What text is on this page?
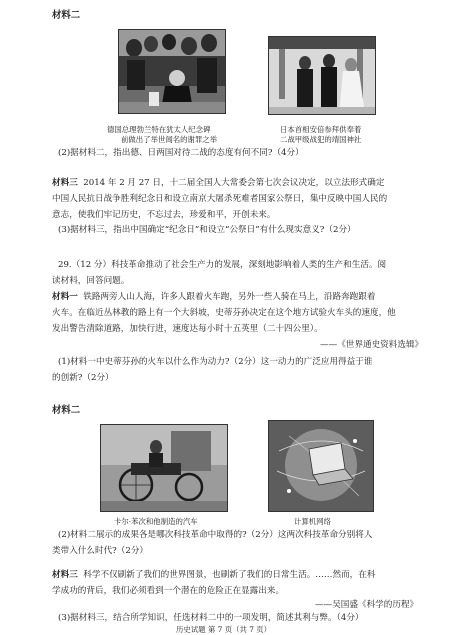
材料二
德国总理勃兰特在犹太人纪念碑
前做出了举世闻名的谢罪之举
日本首相安倍参拜供奉着
二战甲级战犯的靖国神社
(2)据材料二，指出德、日两国对待二战的态度有何不同?（4分）
材料三 2014 年 2 月 27 日，十二届全国人大常委会第七次会议决定，以立法形式确定
中国人民抗日战争胜利纪念日和设立南京大屠杀死难者国家公祭日，集中反映中国人民的
意志，使我们牢记历史，不忘过去，珍爱和平，开创未来。
(3)据材料三，指出中国确定“纪念日”和设立“公祭日”有什么现实意义?（2分）
29.（12 分）科技革命推动了社会生产力的发展，深刻地影响着人类的生产和生活。阅
读材料，回答问题。
材料一 铁路两旁人山人海，许多人跟着火车跑，另外一些人骑在马上，沿路奔跑跟着
火车。在临近丛林教的路上有一个大斜坡，史蒂芬孙决定在这个地方试验火车头的速度，他
发出警告清除道路，加快行进，速度达每小时十五英里（二十四公里）。
——《世界通史资料选辑》
(1)材料一中史蒂芬孙的火车以什么作为动力?（2分）这一动力的广泛应用得益于谁
的创新?（2分）
材料二
卡尔·苯次和他制造的汽车	计算机网络
(2)材料二展示的成果各是哪次科技革命中取得的?（2分）这两次科技革命分别将人
类带入什么时代?（2分）
材料三 科学不仅刷新了我们的世界图景，也刷新了我们的日常生活。……然而，在科
学成功的背后，我们必须看到一个潜在的危险正在显露出来。
——吴国盛《科学的历程》
(3)据材料三，结合所学知识，任选材料二中的一项发明，简述其利与弊。（4分）
历史试题 第 7 页（共 7 页）
